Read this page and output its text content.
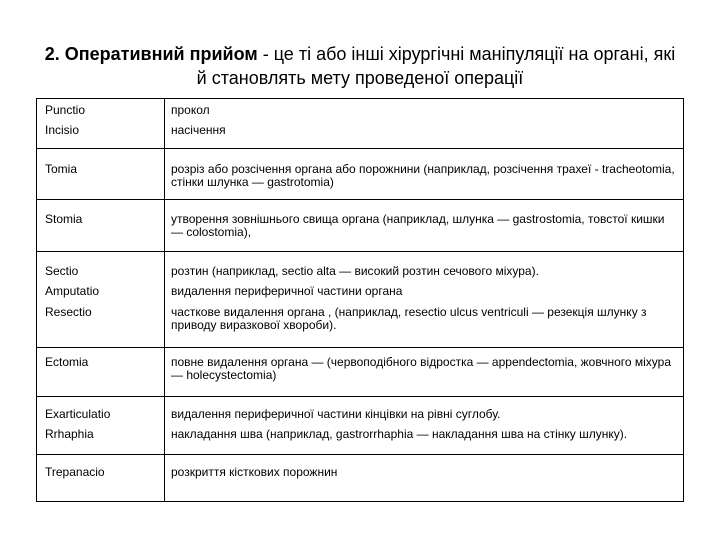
2. Оперативний прийом - це ті або інші хірургічні маніпуляції на органі, які й становлять мету проведеної операції
Punctio	прокол
Incisio	насічення
Tomia	розріз або розсічення органа або порожнини (наприклад, розсічення трахеї - tracheotomia, стінки шлунка — gastrotomia)
Stomia	утворення зовнішнього свища органа (наприклад, шлунка — gastrostomia, товстої кишки — colostomia),
Sectio	розтин (наприклад, sectio alta — високий розтин сечового міхура).
Amputatio	видалення периферичної частини органа
Resectio	часткове видалення органа , (наприклад, resectio ulcus ventriculi — резекція шлунку з приводу виразкової хвороби).
Ectomia	повне видалення органа — (червоподібного відростка — appendectomia, жовчного міхура — holecystectomia)
Exarticulatio	видалення периферичної частини кінцівки на рівні суглобу.
Rrhaphia	накладання шва (наприклад, gastrorrhaphia — накладання шва на стінку шлунку).
Trepanacio	розкриття кісткових порожнин
